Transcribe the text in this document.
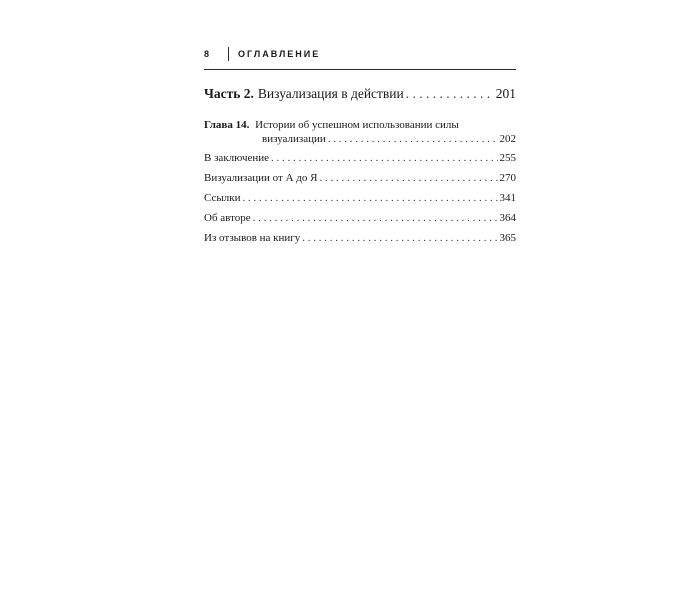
8	ОГЛАВЛЕНИЕ
Часть 2. Визуализация в действии . . .	201
Глава 14. Истории об успешном использовании силы
визуализации . . .	202
В заключение . . .	255
Визуализации от А до Я . . .	270
Ссылки . . .	341
Об авторе . . .	364
Из отзывов на книгу . . .	365
